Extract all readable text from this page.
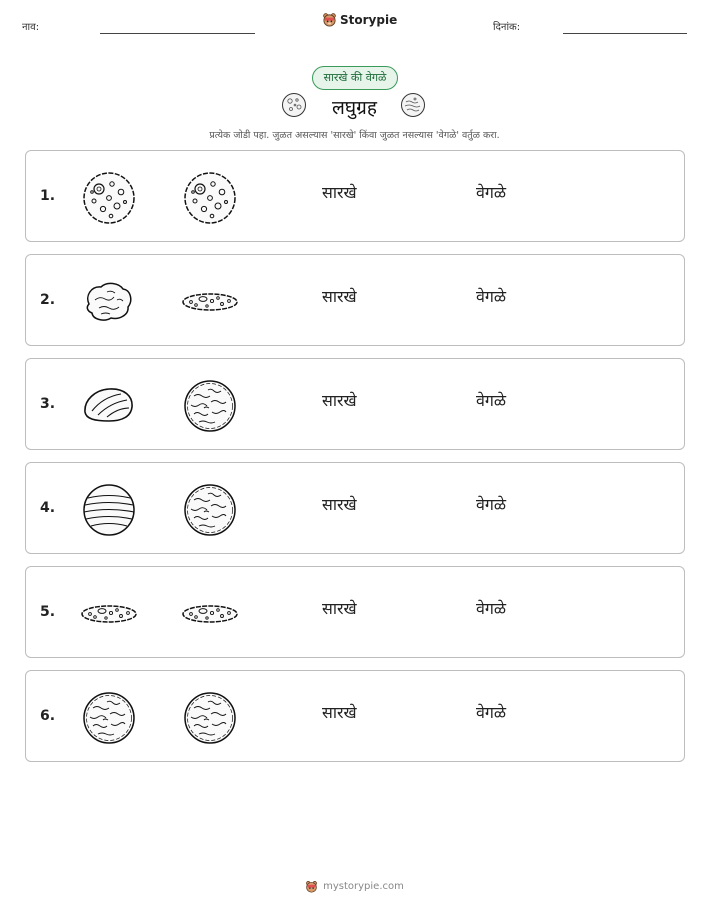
नाव:
Storypie
दिनांक:
सारखे की वेगळे
लघुग्रह
प्रत्येक जोडी पहा. जुळत असल्यास 'सारखे' किंवा जुळत नसल्यास 'वेगळे' वर्तुळ करा.
1.	सारखे	वेगळे
2.	सारखे	वेगळे
3.	सारखे	वेगळे
4.	सारखे	वेगळे
5.	सारखे	वेगळे
6.	सारखे	वेगळे
mystorypie.com
